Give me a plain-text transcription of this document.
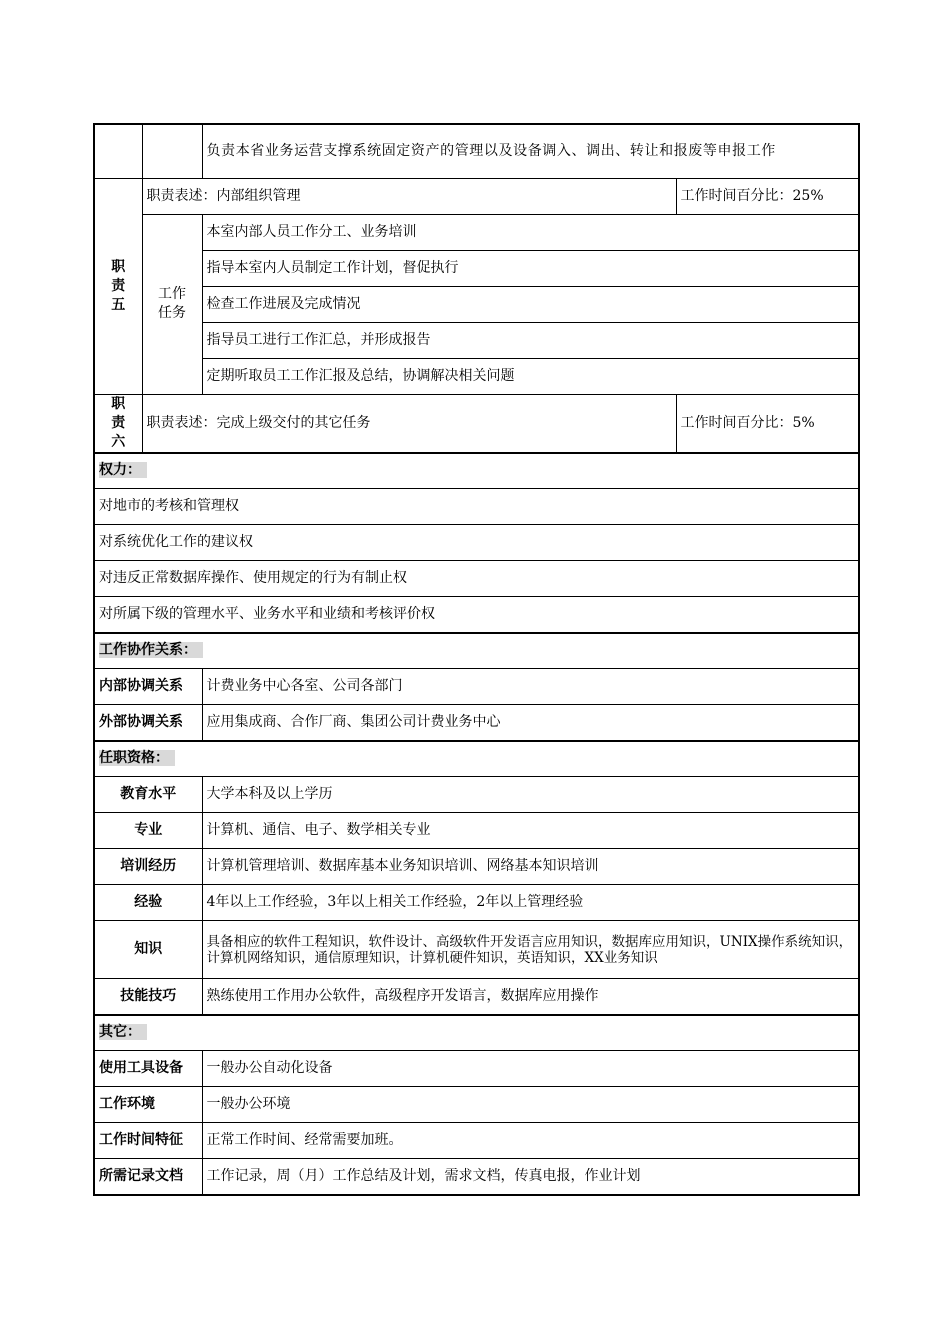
		负责本省业务运营支撑系统固定资产的管理以及设备调入、调出、转让和报废等申报工作	

职责五	职责表述：内部组织管理		工作时间百分比：25%

	工作任务	本室内部人员工作分工、业务培训	
		指导本室内人员制定工作计划，督促执行	
		检查工作进展及完成情况	
		指导员工进行工作汇总，并形成报告	
		定期听取员工工作汇报及总结，协调解决相关问题	

职责六	职责表述：完成上级交付的其它任务		工作时间百分比：5%
权力：			
对地市的考核和管理权			
对系统优化工作的建议权			
对违反正常数据库操作、使用规定的行为有制止权			
对所属下级的管理水平、业务水平和业绩和考核评价权			
工作协作关系：			
内部协调关系		计费业务中心各室、公司各部门	
外部协调关系		应用集成商、合作厂商、集团公司计费业务中心	
任职资格：			
教育水平		大学本科及以上学历	
专业		计算机、通信、电子、数学相关专业	
培训经历		计算机管理培训、数据库基本业务知识培训、网络基本知识培训	
经验		4年以上工作经验，3年以上相关工作经验，2年以上管理经验	
知识		具备相应的软件工程知识，软件设计、高级软件开发语言应用知识，数据库应用知识，UNIX操作系统知识，计算机网络知识，通信原理知识，计算机硬件知识，英语知识，XX业务知识	
技能技巧		熟练使用工作用办公软件，高级程序开发语言，数据库应用操作	
其它：			
使用工具设备		一般办公自动化设备	
工作环境		一般办公环境	
工作时间特征		正常工作时间、经常需要加班。	
所需记录文档		工作记录，周（月）工作总结及计划，需求文档，传真电报，作业计划	
